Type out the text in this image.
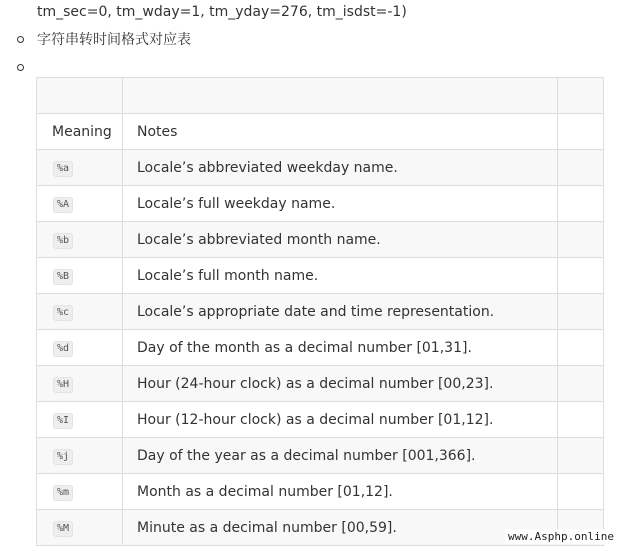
tm_sec=0, tm_wday=1, tm_yday=276, tm_isdst=-1)
字符串转时间格式对应表

Meaning	Notes	
%a	Locale’s abbreviated weekday name.	
%A	Locale’s full weekday name.	
%b	Locale’s abbreviated month name.	
%B	Locale’s full month name.	
%c	Locale’s appropriate date and time representation.	
%d	Day of the month as a decimal number [01,31].	
%H	Hour (24-hour clock) as a decimal number [00,23].	
%I	Hour (12-hour clock) as a decimal number [01,12].	
%j	Day of the year as a decimal number [001,366].	
%m	Month as a decimal number [01,12].	
%M	Minute as a decimal number [00,59].	
www.Asphp.online
